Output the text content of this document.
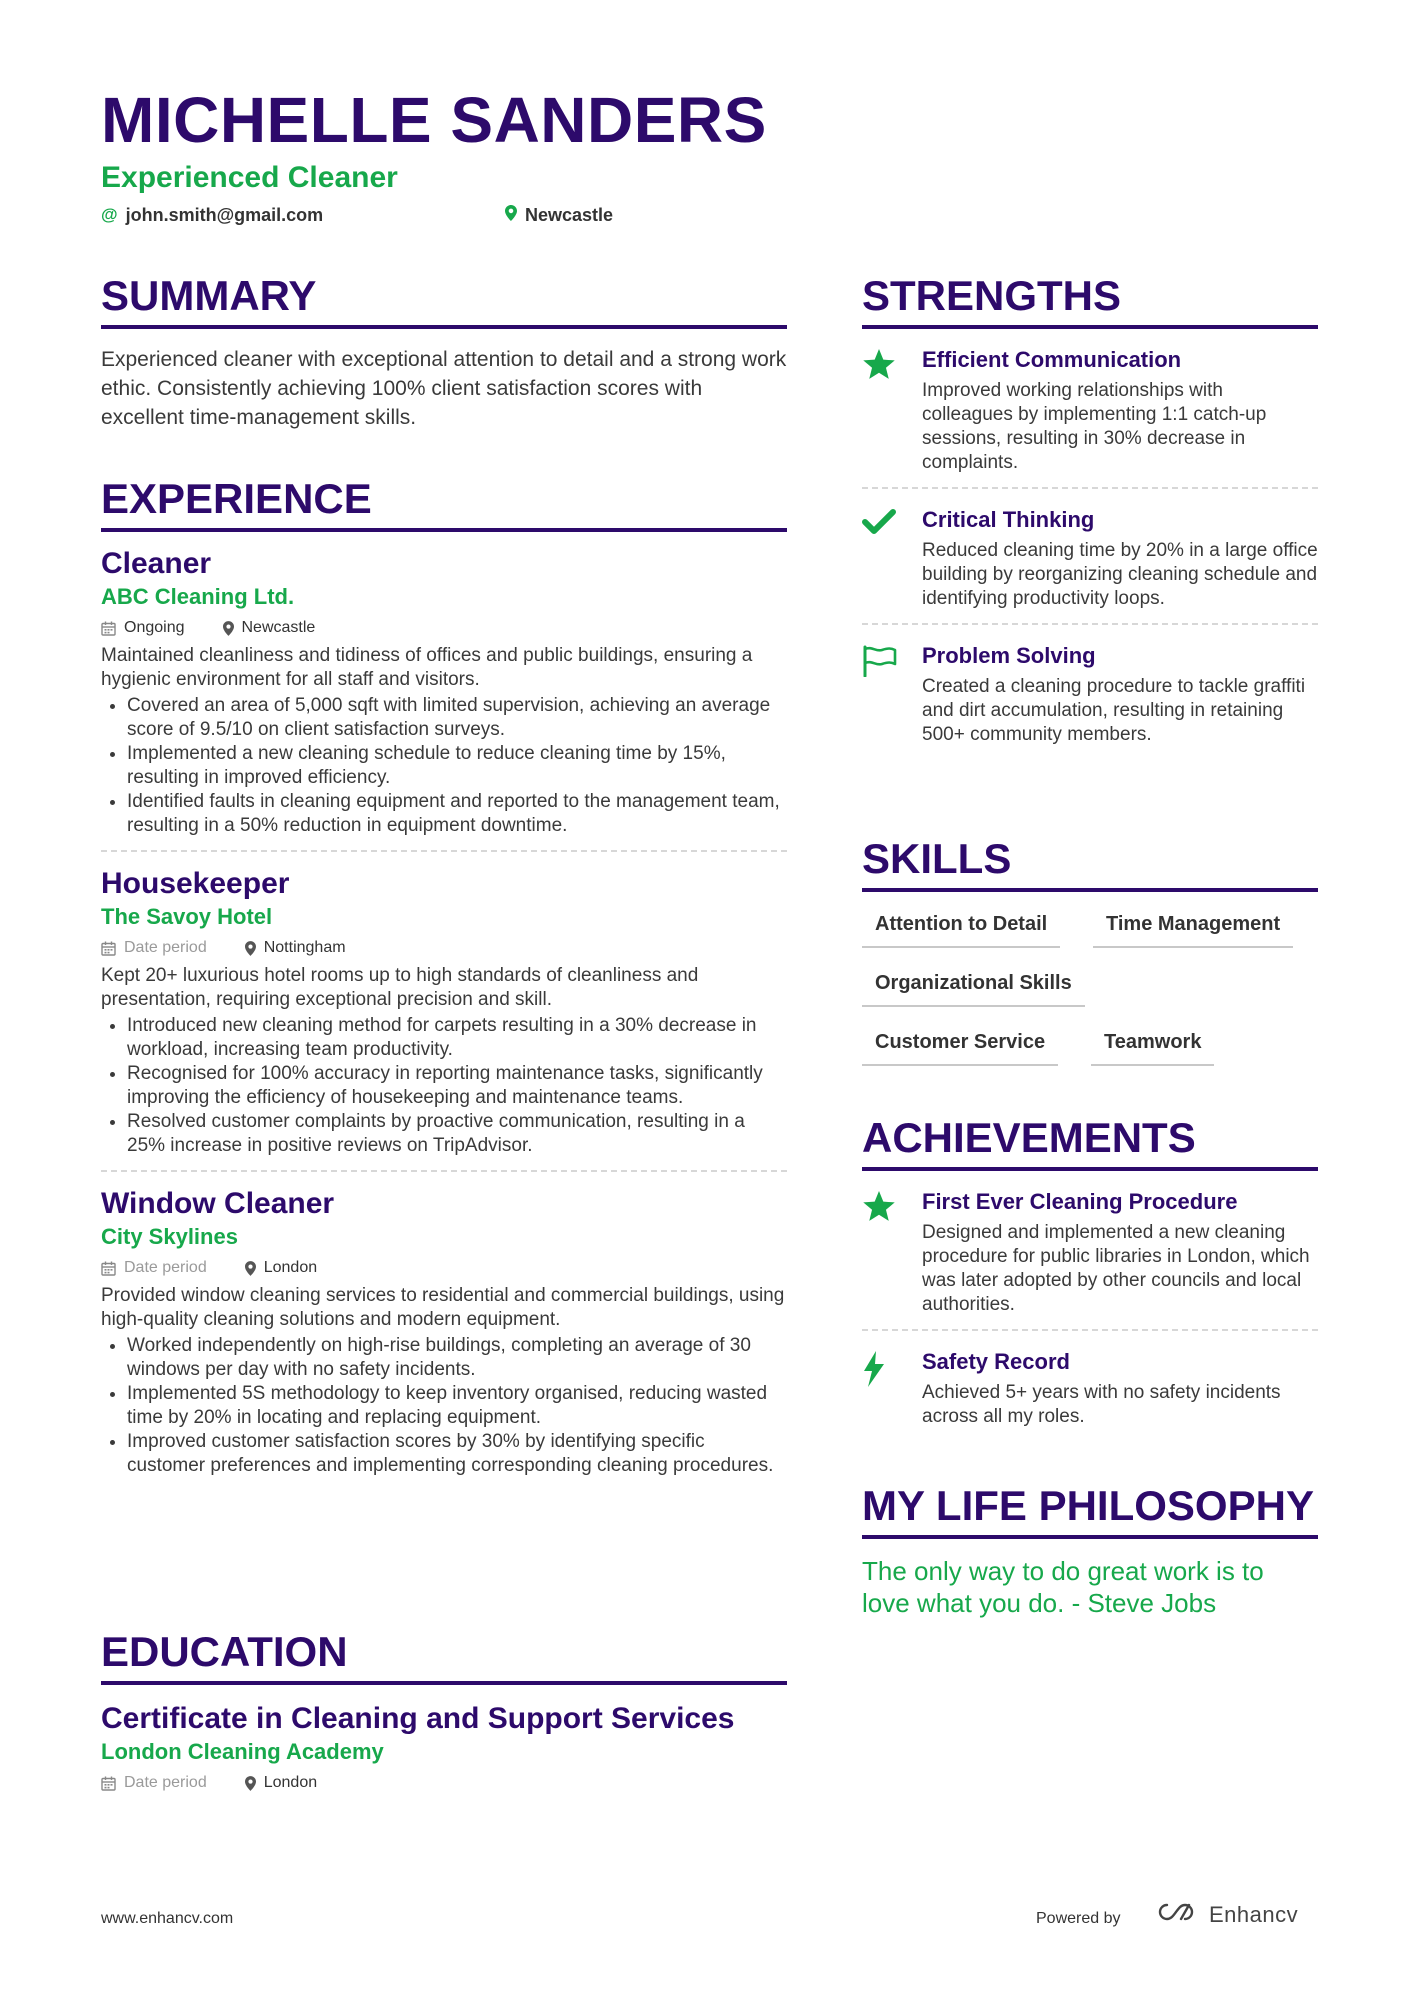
MICHELLE SANDERS
Experienced Cleaner
@ john.smith@gmail.com	Newcastle
SUMMARY
Experienced cleaner with exceptional attention to detail and a strong work ethic. Consistently achieving 100% client satisfaction scores with excellent time-management skills.
EXPERIENCE
Cleaner
ABC Cleaning Ltd.
Ongoing	Newcastle
Maintained cleanliness and tidiness of offices and public buildings, ensuring a hygienic environment for all staff and visitors.
• Covered an area of 5,000 sqft with limited supervision, achieving an average score of 9.5/10 on client satisfaction surveys.
• Implemented a new cleaning schedule to reduce cleaning time by 15%, resulting in improved efficiency.
• Identified faults in cleaning equipment and reported to the management team, resulting in a 50% reduction in equipment downtime.
Housekeeper
The Savoy Hotel
Date period	Nottingham
Kept 20+ luxurious hotel rooms up to high standards of cleanliness and presentation, requiring exceptional precision and skill.
• Introduced new cleaning method for carpets resulting in a 30% decrease in workload, increasing team productivity.
• Recognised for 100% accuracy in reporting maintenance tasks, significantly improving the efficiency of housekeeping and maintenance teams.
• Resolved customer complaints by proactive communication, resulting in a 25% increase in positive reviews on TripAdvisor.
Window Cleaner
City Skylines
Date period	London
Provided window cleaning services to residential and commercial buildings, using high-quality cleaning solutions and modern equipment.
• Worked independently on high-rise buildings, completing an average of 30 windows per day with no safety incidents.
• Implemented 5S methodology to keep inventory organised, reducing wasted time by 20% in locating and replacing equipment.
• Improved customer satisfaction scores by 30% by identifying specific customer preferences and implementing corresponding cleaning procedures.
EDUCATION
Certificate in Cleaning and Support Services
London Cleaning Academy
Date period	London
STRENGTHS
Efficient Communication
Improved working relationships with colleagues by implementing 1:1 catch-up sessions, resulting in 30% decrease in complaints.
Critical Thinking
Reduced cleaning time by 20% in a large office building by reorganizing cleaning schedule and identifying productivity loops.
Problem Solving
Created a cleaning procedure to tackle graffiti and dirt accumulation, resulting in retaining 500+ community members.
SKILLS
Attention to Detail	Time Management
Organizational Skills
Customer Service	Teamwork
ACHIEVEMENTS
First Ever Cleaning Procedure
Designed and implemented a new cleaning procedure for public libraries in London, which was later adopted by other councils and local authorities.
Safety Record
Achieved 5+ years with no safety incidents across all my roles.
MY LIFE PHILOSOPHY
The only way to do great work is to love what you do. - Steve Jobs
www.enhancv.com	Powered by	Enhancv
